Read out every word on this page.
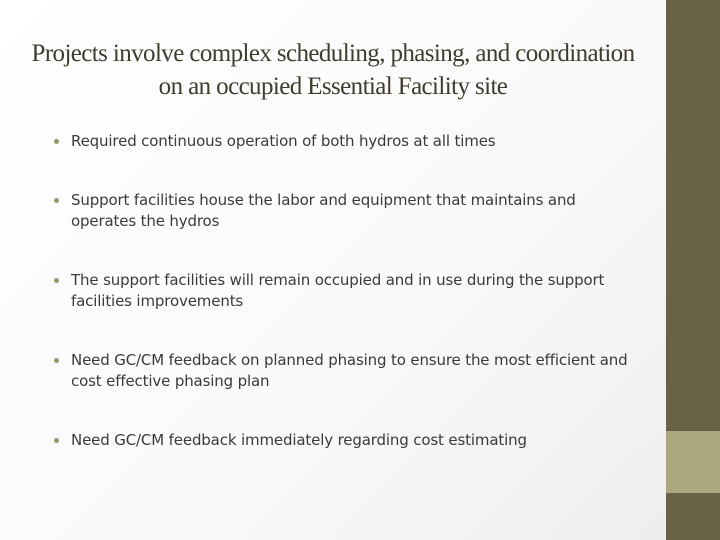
Projects involve complex scheduling, phasing, and coordination on an occupied Essential Facility site
Required continuous operation of both hydros at all times
Support facilities house the labor and equipment that maintains and operates the hydros
The support facilities will remain occupied and in use during the support facilities improvements
Need GC/CM feedback on planned phasing to ensure the most efficient and cost effective phasing plan
Need GC/CM feedback immediately regarding cost estimating
